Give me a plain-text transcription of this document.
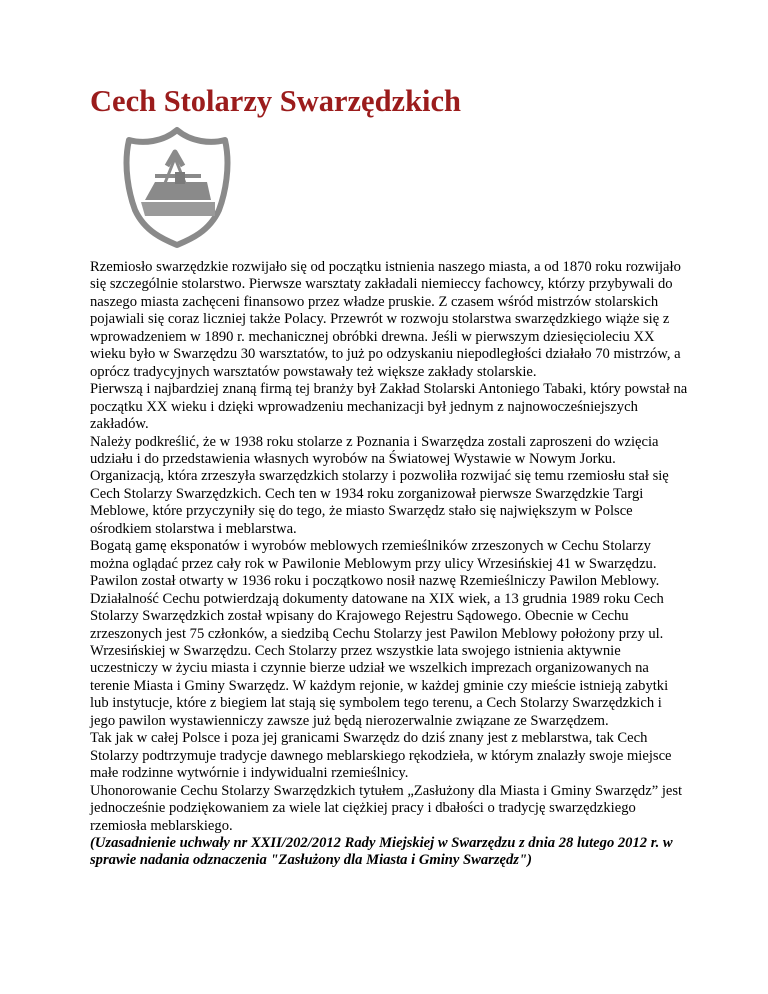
Cech Stolarzy Swarzędzkich

Rzemiosło swarzędzkie rozwijało się od początku istnienia naszego miasta, a od 1870 roku rozwijało się szczególnie stolarstwo. Pierwsze warsztaty zakładali niemieccy fachowcy, którzy przybywali do naszego miasta zachęceni finansowo przez władze pruskie. Z czasem wśród mistrzów stolarskich pojawiali się coraz liczniej także Polacy. Przewrót w rozwoju stolarstwa swarzędzkiego wiąże się z wprowadzeniem w 1890 r. mechanicznej obróbki drewna. Jeśli w pierwszym dziesięcioleciu XX wieku było w Swarzędzu 30 warsztatów, to już po odzyskaniu niepodległości działało 70 mistrzów, a oprócz tradycyjnych warsztatów powstawały też większe zakłady stolarskie.

Pierwszą i najbardziej znaną firmą tej branży był Zakład Stolarski Antoniego Tabaki, który powstał na początku XX wieku i dzięki wprowadzeniu mechanizacji był jednym z najnowocześniejszych zakładów.

Należy podkreślić, że w 1938 roku stolarze z Poznania i Swarzędza zostali zaproszeni do wzięcia udziału i do przedstawienia własnych wyrobów na Światowej Wystawie w Nowym Jorku.

Organizacją, która zrzeszyła swarzędzkich stolarzy i pozwoliła rozwijać się temu rzemiosłu stał się Cech Stolarzy Swarzędzkich. Cech ten w 1934 roku zorganizował pierwsze Swarzędzkie Targi Meblowe, które przyczyniły się do tego, że miasto Swarzędz stało się największym w Polsce ośrodkiem stolarstwa i meblarstwa.

Bogatą gamę eksponatów i wyrobów meblowych rzemieślników zrzeszonych w Cechu Stolarzy można oglądać przez cały rok w Pawilonie Meblowym przy ulicy Wrzesińskiej 41 w Swarzędzu. Pawilon został otwarty w 1936 roku i początkowo nosił nazwę Rzemieślniczy Pawilon Meblowy.

Działalność Cechu potwierdzają dokumenty datowane na XIX wiek, a 13 grudnia 1989 roku Cech Stolarzy Swarzędzkich został wpisany do Krajowego Rejestru Sądowego. Obecnie w Cechu zrzeszonych jest 75 członków, a siedzibą Cechu Stolarzy jest Pawilon Meblowy położony przy ul. Wrzesińskiej w Swarzędzu. Cech Stolarzy przez wszystkie lata swojego istnienia aktywnie uczestniczy w życiu miasta i czynnie bierze udział we wszelkich imprezach organizowanych na terenie Miasta i Gminy Swarzędz. W każdym rejonie, w każdej gminie czy mieście istnieją zabytki lub instytucje, które z biegiem lat stają się symbolem tego terenu, a Cech Stolarzy Swarzędzkich i jego pawilon wystawienniczy zawsze już będą nierozerwalnie związane ze Swarzędzem.

Tak jak w całej Polsce i poza jej granicami Swarzędz do dziś znany jest z meblarstwa, tak Cech Stolarzy podtrzymuje tradycje dawnego meblarskiego rękodzieła, w którym znalazły swoje miejsce małe rodzinne wytwórnie i indywidualni rzemieślnicy.

Uhonorowanie Cechu Stolarzy Swarzędzkich tytułem „Zasłużony dla Miasta i Gminy Swarzędz” jest jednocześnie podziękowaniem za wiele lat ciężkiej pracy i dbałości o tradycję swarzędzkiego rzemiosła meblarskiego.

(Uzasadnienie uchwały nr XXII/202/2012 Rady Miejskiej w Swarzędzu z dnia 28 lutego 2012 r. w sprawie nadania odznaczenia "Zasłużony dla Miasta i Gminy Swarzędz")
